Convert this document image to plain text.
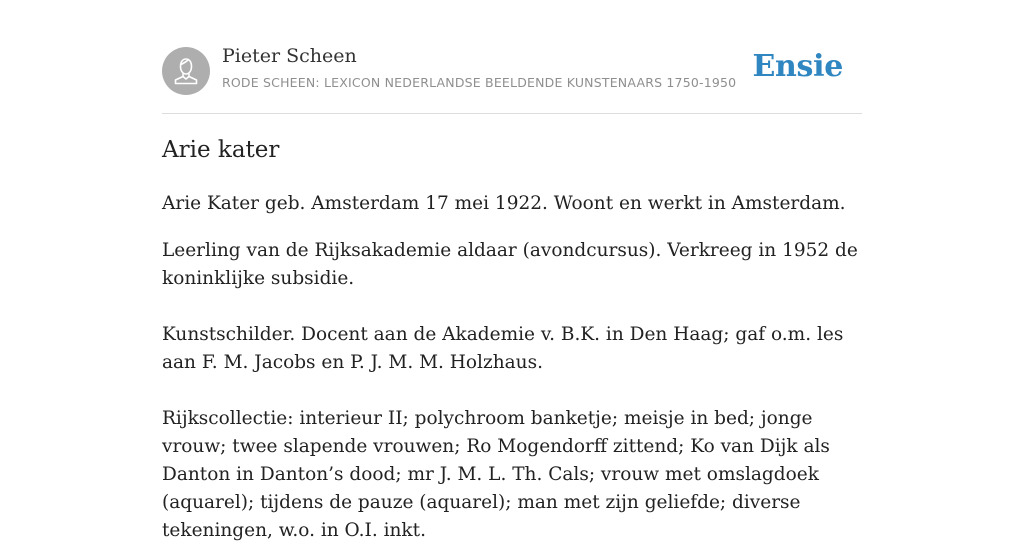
Pieter Scheen
RODE SCHEEN: LEXICON NEDERLANDSE BEELDENDE KUNSTENAARS 1750-1950 Ensie
Arie kater

Arie Kater geb. Amsterdam 17 mei 1922. Woont en werkt in Amsterdam.

Leerling van de Rijksakademie aldaar (avondcursus). Verkreeg in 1952 de koninklijke subsidie.

Kunstschilder. Docent aan de Akademie v. B.K. in Den Haag; gaf o.m. les aan F. M. Jacobs en P. J. M. M. Holzhaus.

Rijkscollectie: interieur II; polychroom banketje; meisje in bed; jonge vrouw; twee slapende vrouwen; Ro Mogendorff zittend; Ko van Dijk als Danton in Danton’s dood; mr J. M. L. Th. Cals; vrouw met omslagdoek (aquarel); tijdens de pauze (aquarel); man met zijn geliefde; diverse tekeningen, w.o. in O.I. inkt.
